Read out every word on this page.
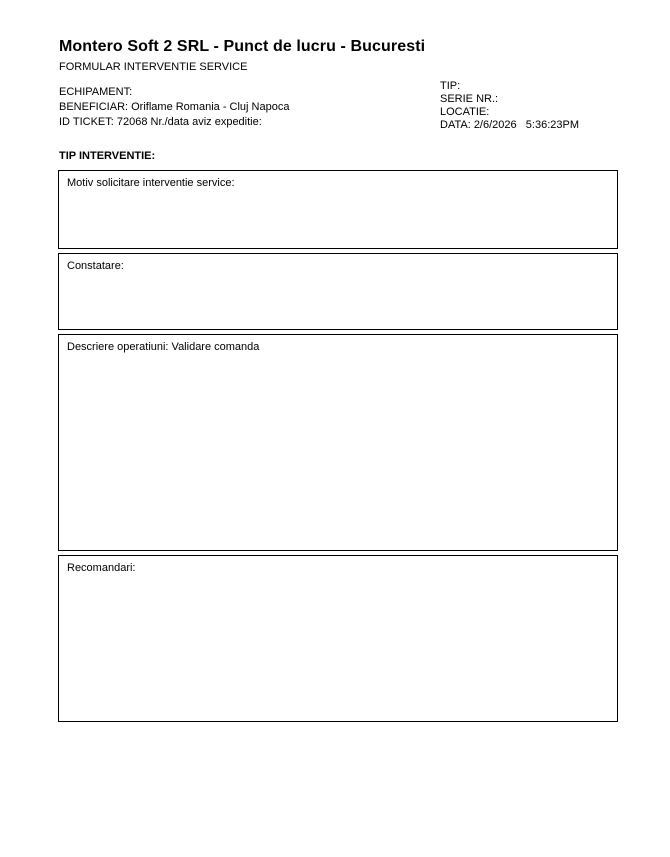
Montero Soft 2 SRL - Punct de lucru - Bucuresti
FORMULAR INTERVENTIE SERVICE
ECHIPAMENT:
BENEFICIAR: Oriflame Romania - Cluj Napoca
ID TICKET: 72068 Nr./data aviz expeditie:
TIP:
SERIE NR.:
LOCATIE:
DATA: 2/6/2026   5:36:23PM
TIP INTERVENTIE:
Motiv solicitare interventie service:
Constatare:
Descriere operatiuni: Validare comanda
Recomandari:
